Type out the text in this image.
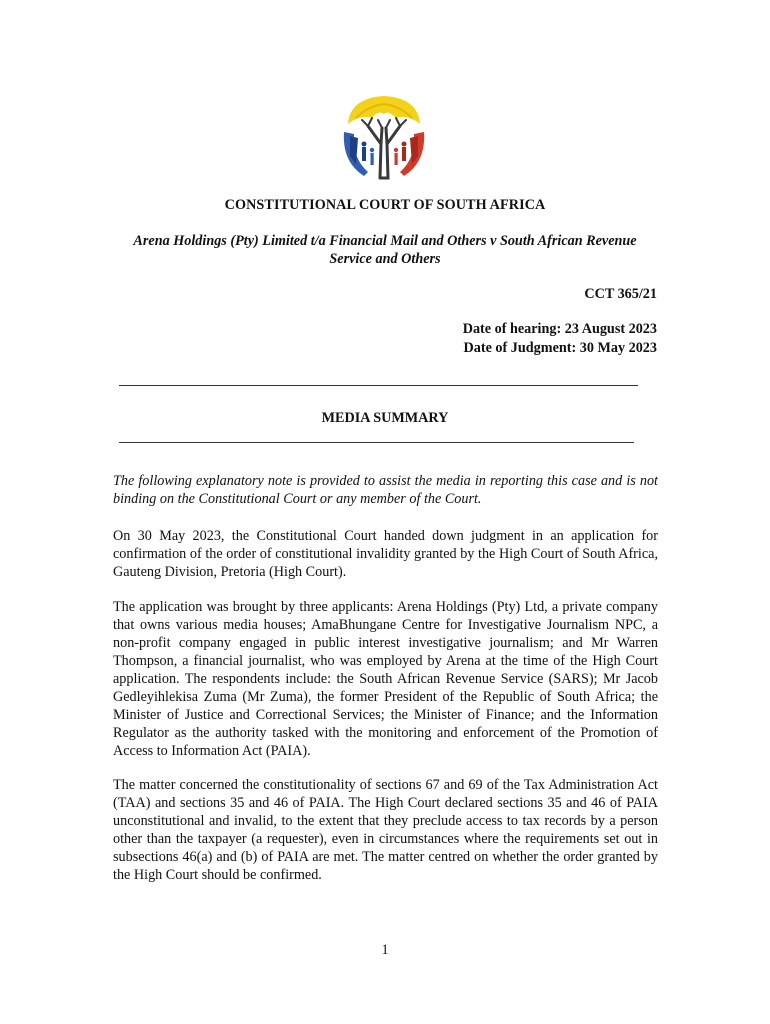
CONSTITUTIONAL COURT OF SOUTH AFRICA
Arena Holdings (Pty) Limited t/a Financial Mail and Others v South African Revenue Service and Others
CCT 365/21
Date of hearing: 23 August 2023
Date of Judgment: 30 May 2023
MEDIA SUMMARY

The following explanatory note is provided to assist the media in reporting this case and is not binding on the Constitutional Court or any member of the Court.

On 30 May 2023, the Constitutional Court handed down judgment in an application for confirmation of the order of constitutional invalidity granted by the High Court of South Africa, Gauteng Division, Pretoria (High Court).

The application was brought by three applicants: Arena Holdings (Pty) Ltd, a private company that owns various media houses; AmaBhungane Centre for Investigative Journalism NPC, a non-profit company engaged in public interest investigative journalism; and Mr Warren Thompson, a financial journalist, who was employed by Arena at the time of the High Court application. The respondents include: the South African Revenue Service (SARS); Mr Jacob Gedleyihlekisa Zuma (Mr Zuma), the former President of the Republic of South Africa; the Minister of Justice and Correctional Services; the Minister of Finance; and the Information Regulator as the authority tasked with the monitoring and enforcement of the Promotion of Access to Information Act (PAIA).

The matter concerned the constitutionality of sections 67 and 69 of the Tax Administration Act (TAA) and sections 35 and 46 of PAIA. The High Court declared sections 35 and 46 of PAIA unconstitutional and invalid, to the extent that they preclude access to tax records by a person other than the taxpayer (a requester), even in circumstances where the requirements set out in subsections 46(a) and (b) of PAIA are met. The matter centred on whether the order granted by the High Court should be confirmed.

1
